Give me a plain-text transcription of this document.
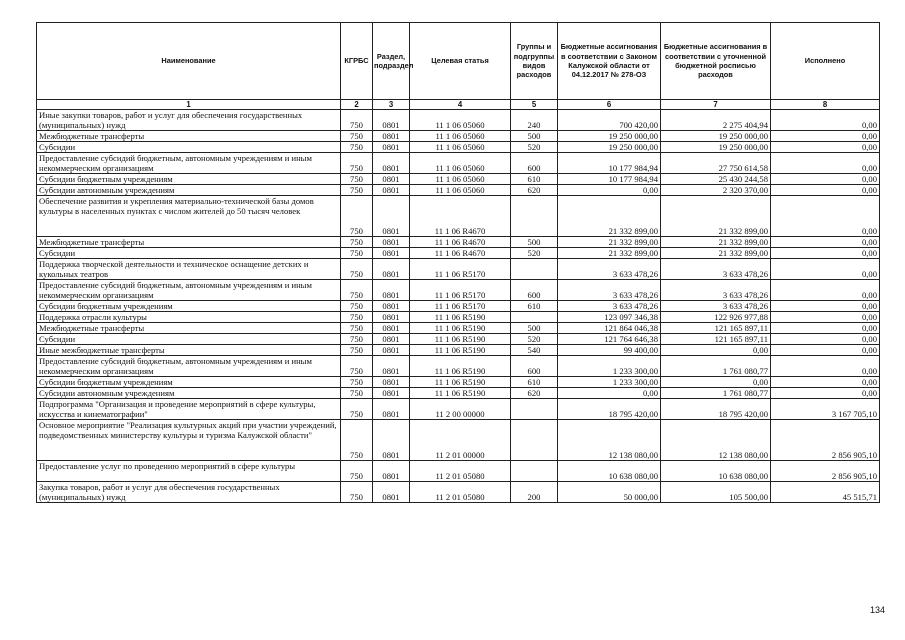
Наименование	КГРБС	Раздел, подраздел	Целевая статья	Группы и подгруппы видов расходов	Бюджетные ассигнования в соответствии с Законом Калужской области от 04.12.2017 № 278-ОЗ	Бюджетные ассигнования в соответствии с уточненной бюджетной росписью расходов	Исполнено
1	2	3	4	5	6	7	8
Иные закупки товаров, работ и услуг для обеспечения государственных (муниципальных) нужд	750	0801	11 1 06 05060	240	700 420,00	2 275 404,94	0,00
Межбюджетные трансферты	750	0801	11 1 06 05060	500	19 250 000,00	19 250 000,00	0,00
Субсидии	750	0801	11 1 06 05060	520	19 250 000,00	19 250 000,00	0,00
Предоставление субсидий бюджетным, автономным учреждениям и иным некоммерческим организациям	750	0801	11 1 06 05060	600	10 177 984,94	27 750 614,58	0,00
Субсидии бюджетным учреждениям	750	0801	11 1 06 05060	610	10 177 984,94	25 430 244,58	0,00
Субсидии автономным учреждениям	750	0801	11 1 06 05060	620	0,00	2 320 370,00	0,00
Обеспечение развития и укрепления материально-технической базы домов культуры в населенных пунктах с числом жителей до 50 тысяч человек	750	0801	11 1 06 R4670		21 332 899,00	21 332 899,00	0,00
Межбюджетные трансферты	750	0801	11 1 06 R4670	500	21 332 899,00	21 332 899,00	0,00
Субсидии	750	0801	11 1 06 R4670	520	21 332 899,00	21 332 899,00	0,00
Поддержка творческой деятельности и техническое оснащение детских и кукольных театров	750	0801	11 1 06 R5170		3 633 478,26	3 633 478,26	0,00
Предоставление субсидий бюджетным, автономным учреждениям и иным некоммерческим организациям	750	0801	11 1 06 R5170	600	3 633 478,26	3 633 478,26	0,00
Субсидии бюджетным учреждениям	750	0801	11 1 06 R5170	610	3 633 478,26	3 633 478,26	0,00
Поддержка отрасли культуры	750	0801	11 1 06 R5190		123 097 346,38	122 926 977,88	0,00
Межбюджетные трансферты	750	0801	11 1 06 R5190	500	121 864 046,38	121 165 897,11	0,00
Субсидии	750	0801	11 1 06 R5190	520	121 764 646,38	121 165 897,11	0,00
Иные межбюджетные трансферты	750	0801	11 1 06 R5190	540	99 400,00	0,00	0,00
Предоставление субсидий бюджетным, автономным учреждениям и иным некоммерческим организациям	750	0801	11 1 06 R5190	600	1 233 300,00	1 761 080,77	0,00
Субсидии бюджетным учреждениям	750	0801	11 1 06 R5190	610	1 233 300,00	0,00	0,00
Субсидии автономным учреждениям	750	0801	11 1 06 R5190	620	0,00	1 761 080,77	0,00
Подпрограмма "Организация и проведение мероприятий в сфере культуры, искусства и кинематографии"	750	0801	11 2 00 00000		18 795 420,00	18 795 420,00	3 167 705,10
Основное мероприятие "Реализация культурных акций при участии учреждений, подведомственных министерству культуры и туризма Калужской области"	750	0801	11 2 01 00000		12 138 080,00	12 138 080,00	2 856 905,10
Предоставление услуг по проведению мероприятий в сфере культуры	750	0801	11 2 01 05080		10 638 080,00	10 638 080,00	2 856 905,10
Закупка товаров, работ и услуг для обеспечения государственных (муниципальных) нужд	750	0801	11 2 01 05080	200	50 000,00	105 500,00	45 515,71
134
